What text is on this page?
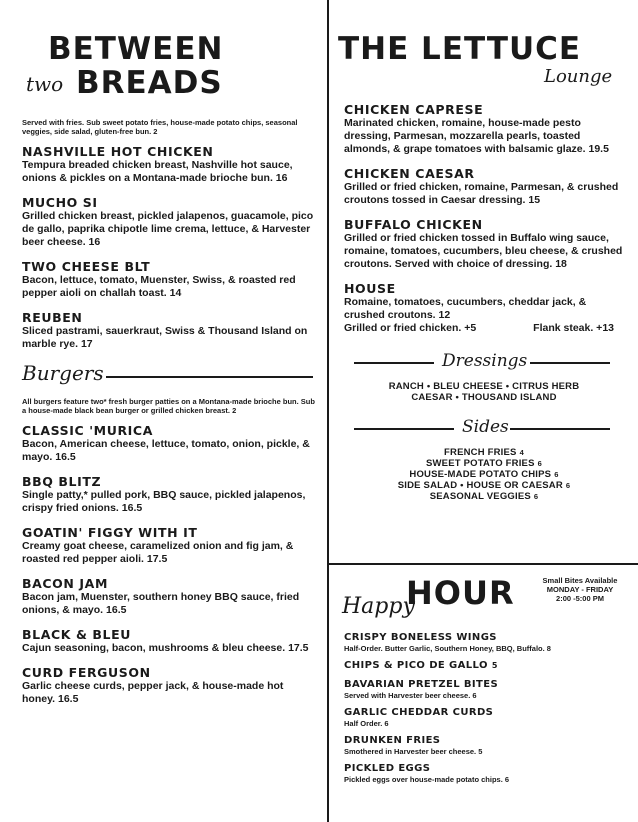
BETWEEN
two BREADS
Served with fries. Sub sweet potato fries, house-made potato chips, seasonal veggies, side salad, gluten-free bun. 2
NASHVILLE HOT CHICKEN
Tempura breaded chicken breast, Nashville hot sauce, onions & pickles on a Montana-made brioche bun. 16
MUCHO SI
Grilled chicken breast, pickled jalapenos, guacamole, pico de gallo, paprika chipotle lime crema, lettuce, & Harvester beer cheese. 16
TWO CHEESE BLT
Bacon, lettuce, tomato, Muenster, Swiss, & roasted red pepper aioli on challah toast. 14
REUBEN
Sliced pastrami, sauerkraut, Swiss & Thousand Island on marble rye. 17
Burgers
All burgers feature two* fresh burger patties on a Montana-made brioche bun. Sub a house-made black bean burger or grilled chicken breast. 2
CLASSIC 'MURICA
Bacon, American cheese, lettuce, tomato, onion, pickle, & mayo. 16.5
BBQ BLITZ
Single patty,* pulled pork, BBQ sauce, pickled jalapenos, crispy fried onions. 16.5
GOATIN' FIGGY WITH IT
Creamy goat cheese, caramelized onion and fig jam, & roasted red pepper aioli. 17.5
BACON JAM
Bacon jam, Muenster, southern honey BBQ sauce, fried onions, & mayo. 16.5
BLACK & BLEU
Cajun seasoning, bacon, mushrooms & bleu cheese. 17.5
CURD FERGUSON
Garlic cheese curds, pepper jack, & house-made hot honey. 16.5
THE LETTUCE
Lounge
CHICKEN CAPRESE
Marinated chicken, romaine, house-made pesto dressing, Parmesan, mozzarella pearls, toasted almonds, & grape tomatoes with balsamic glaze. 19.5
CHICKEN CAESAR
Grilled or fried chicken, romaine, Parmesan, & crushed croutons tossed in Caesar dressing. 15
BUFFALO CHICKEN
Grilled or fried chicken tossed in Buffalo wing sauce, romaine, tomatoes, cucumbers, bleu cheese, & crushed croutons. Served with choice of dressing. 18
HOUSE
Romaine, tomatoes, cucumbers, cheddar jack, & crushed croutons. 12
Grilled or fried chicken. +5	Flank steak. +13
Dressings
RANCH • BLEU CHEESE • CITRUS HERB
CAESAR • THOUSAND ISLAND
Sides
FRENCH FRIES 4
SWEET POTATO FRIES 6
HOUSE-MADE POTATO CHIPS 6
SIDE SALAD • HOUSE OR CAESAR 6
SEASONAL VEGGIES 6
Happy
HOUR	Small Bites Available
MONDAY - FRIDAY
2:00 -5:00 PM
CRISPY BONELESS WINGS
Half-Order. Butter Garlic, Southern Honey, BBQ, Buffalo. 8
CHIPS & PICO DE GALLO 5
BAVARIAN PRETZEL BITES
Served with Harvester beer cheese. 6
GARLIC CHEDDAR CURDS
Half Order. 6
DRUNKEN FRIES
Smothered in Harvester beer cheese. 5
PICKLED EGGS
Pickled eggs over house-made potato chips. 6
